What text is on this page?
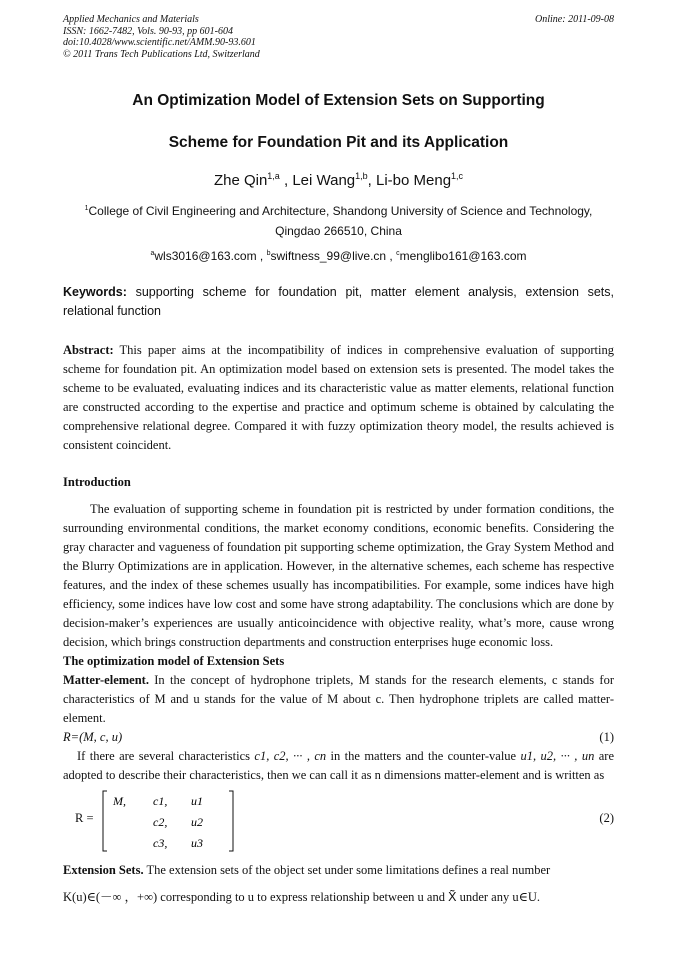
Applied Mechanics and Materials
ISSN: 1662-7482, Vols. 90-93, pp 601-604
doi:10.4028/www.scientific.net/AMM.90-93.601
© 2011 Trans Tech Publications Ltd, Switzerland
Online: 2011-09-08
An Optimization Model of Extension Sets on Supporting
Scheme for Foundation Pit and its Application
Zhe Qin$^{1,a}$ , Lei Wang$^{1,b}$, Li-bo Meng$^{1,c}$
$^1$College of Civil Engineering and Architecture, Shandong University of Science and Technology,
Qingdao 266510, China
$^a$wls3016@163.com , $^b$swiftness_99@live.cn , $^c$menglibo161@163.com
Keywords: supporting scheme for foundation pit, matter element analysis, extension sets, relational function
Abstract: This paper aims at the incompatibility of indices in comprehensive evaluation of supporting scheme for foundation pit. An optimization model based on extension sets is presented. The model takes the scheme to be evaluated, evaluating indices and its characteristic value as matter elements, relational function are constructed according to the expertise and practice and optimum scheme is obtained by calculating the comprehensive relational degree. Compared it with fuzzy optimization theory model, the results achieved is consistent coincident.
Introduction

The evaluation of supporting scheme in foundation pit is restricted by under formation conditions, the surrounding environmental conditions, the market economy conditions, economic benefits. Considering the gray character and vagueness of foundation pit supporting scheme optimization, the Gray System Method and the Blurry Optimizations are in application. However, in the alternative schemes, each scheme has respective features, and the index of these schemes usually has incompatibilities. For example, some indices have high efficiency, some indices have low cost and some have strong adaptability. The conclusions which are done by decision-maker’s experiences are usually anticoincidence with objective reality, what’s more, cause wrong decision, which brings construction departments and construction enterprises huge economic loss.

The optimization model of Extension Sets

Matter-element. In the concept of hydrophone triplets, M stands for the research elements, c stands for characteristics of M and u stands for the value of M about c. Then hydrophone triplets are called matter-element.

R=(M, c, u)	(1)

If there are several characteristics c1, c2, ··· , cn in the matters and the counter-value u1, u2, ··· , un are adopted to describe their characteristics, then we can call it as n dimensions matter-element and is written as

R =
M, c1, u1
c2, u2
c3, u3
(2)

Extension Sets. The extension sets of the object set under some limitations defines a real number

K(u)∈(－∞ ，+∞) corresponding to u to express relationship between u and X̃ under any u∈U.
